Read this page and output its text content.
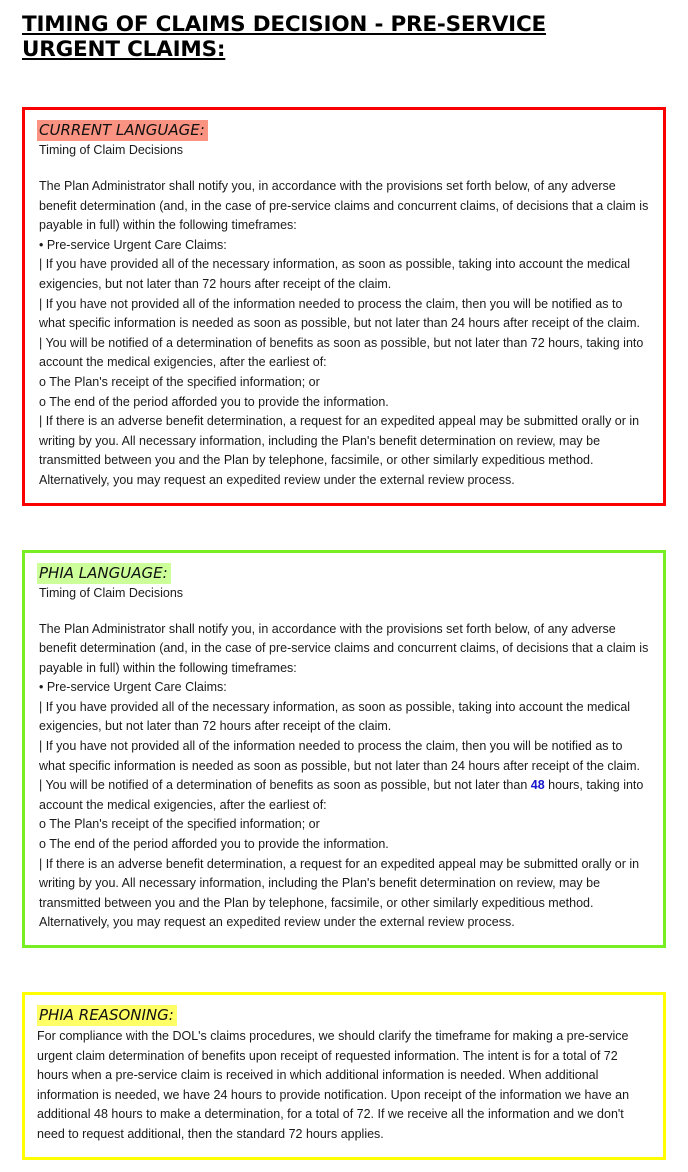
TIMING OF CLAIMS DECISION - PRE-SERVICE URGENT CLAIMS:
CURRENT LANGUAGE:
Timing of Claim Decisions

The Plan Administrator shall notify you, in accordance with the provisions set forth below, of any adverse benefit determination (and, in the case of pre-service claims and concurrent claims, of decisions that a claim is payable in full) within the following timeframes:

• Pre-service Urgent Care Claims:

| If you have provided all of the necessary information, as soon as possible, taking into account the medical exigencies, but not later than 72 hours after receipt of the claim.

| If you have not provided all of the information needed to process the claim, then you will be notified as to what specific information is needed as soon as possible, but not later than 24 hours after receipt of the claim.

| You will be notified of a determination of benefits as soon as possible, but not later than 72 hours, taking into account the medical exigencies, after the earliest of:

o The Plan's receipt of the specified information; or

o The end of the period afforded you to provide the information.

| If there is an adverse benefit determination, a request for an expedited appeal may be submitted orally or in writing by you. All necessary information, including the Plan's benefit determination on review, may be transmitted between you and the Plan by telephone, facsimile, or other similarly expeditious method. Alternatively, you may request an expedited review under the external review process.

PHIA LANGUAGE:
Timing of Claim Decisions

The Plan Administrator shall notify you, in accordance with the provisions set forth below, of any adverse benefit determination (and, in the case of pre-service claims and concurrent claims, of decisions that a claim is payable in full) within the following timeframes:

• Pre-service Urgent Care Claims:

| If you have provided all of the necessary information, as soon as possible, taking into account the medical exigencies, but not later than 72 hours after receipt of the claim.

| If you have not provided all of the information needed to process the claim, then you will be notified as to what specific information is needed as soon as possible, but not later than 24 hours after receipt of the claim.

| You will be notified of a determination of benefits as soon as possible, but not later than 48 hours, taking into account the medical exigencies, after the earliest of:

o The Plan's receipt of the specified information; or

o The end of the period afforded you to provide the information.

| If there is an adverse benefit determination, a request for an expedited appeal may be submitted orally or in writing by you. All necessary information, including the Plan's benefit determination on review, may be transmitted between you and the Plan by telephone, facsimile, or other similarly expeditious method. Alternatively, you may request an expedited review under the external review process.

PHIA REASONING:

For compliance with the DOL's claims procedures, we should clarify the timeframe for making a pre-service urgent claim determination of benefits upon receipt of requested information. The intent is for a total of 72 hours when a pre-service claim is received in which additional information is needed. When additional information is needed, we have 24 hours to provide notification. Upon receipt of the information we have an additional 48 hours to make a determination, for a total of 72. If we receive all the information and we don't need to request additional, then the standard 72 hours applies.
